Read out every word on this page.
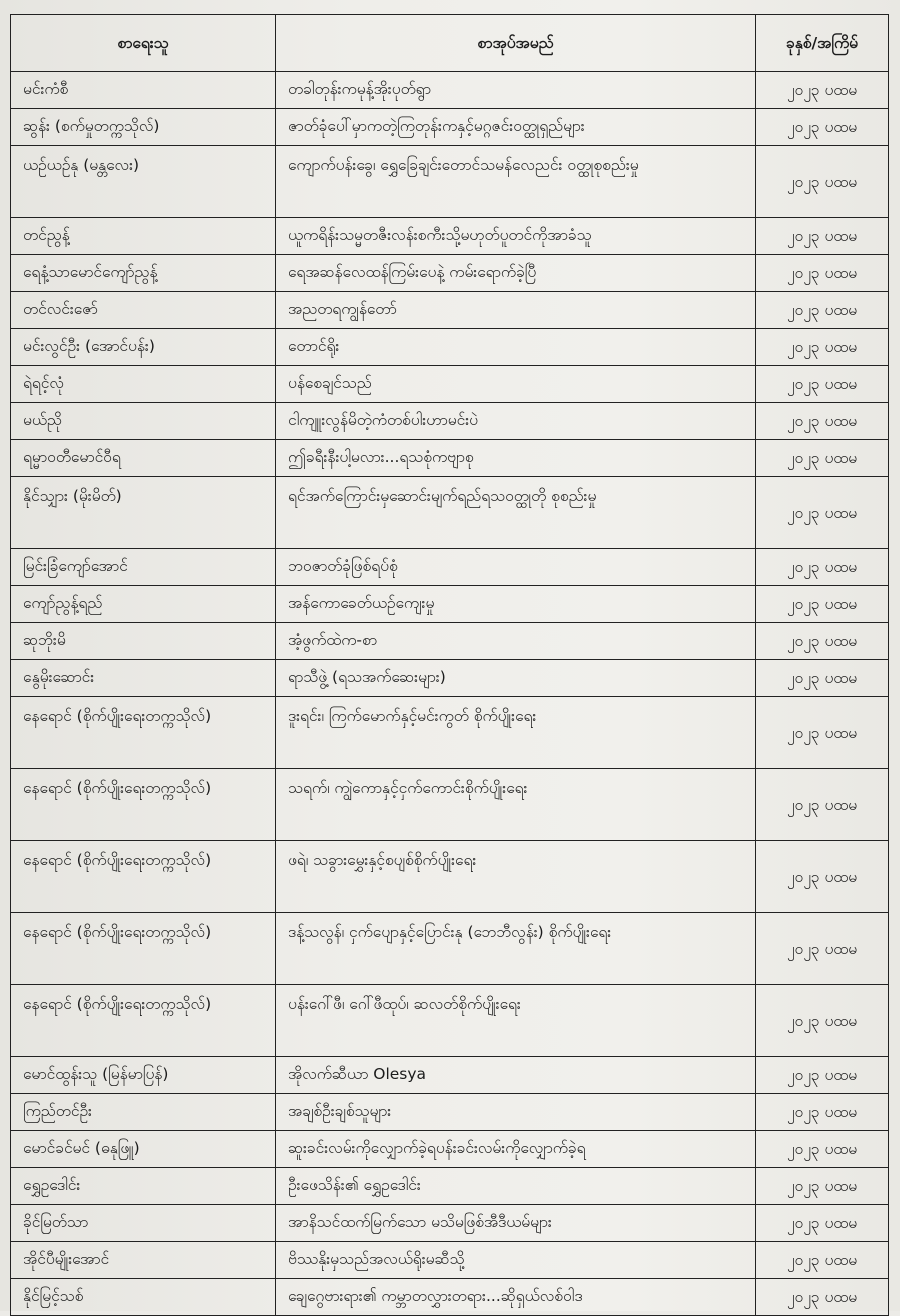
စာရေးသူ	စာအုပ်အမည်	ခုနှစ်/အကြိမ်
မင်းကံစီ	တခါတုန်းကမုန့်အိုးပုတ်ရွာ	၂၀၂၃ ပထမ
ဆွန်း (စက်မှုတက္ကသိုလ်)	ဇာတ်ခုံပေါ်မှာကတဲ့ကြတုန်းကနှင့်မဂ္ဂဇင်းဝတ္ထုရှည်များ	၂၀၂၃ ပထမ
ယဉ်ယဉ်နု (မန္တလေး)	ကျောက်ပန်းခွေ၊ ရွှေခြေချင်းတောင်သမန်လေညင်း ဝတ္ထုစုစည်းမှု	၂၀၂၃ ပထမ
တင်ညွန့်	ယူကရိန်းသမ္မတဇီးလန်းစကီးသို့မဟုတ်ပူတင်ကိုအာခံသူ	၂၀၂၃ ပထမ
ရေနံ့သာမောင်ကျော်ညွန့်	ရေအဆန်လေထန်ကြမ်းပေနဲ့ ကမ်းရောက်ခဲ့ပြီ	၂၀၂၃ ပထမ
တင်လင်းဇော်	အညတရကျွန်တော်	၂၀၂၃ ပထမ
မင်းလွင်ဦး (အောင်ပန်း)	တောင်ရိုး	၂၀၂၃ ပထမ
ရဲရင့်လုံ	ပန်စေချင်သည်	၂၀၂၃ ပထမ
မယ်ညို	ငါကျူးလွန်မိတဲ့ကံတစ်ပါးဟာမင်းပဲ	၂၀၂၃ ပထမ
ရမ္မာဝတီမောင်ဝီရ	ဤခရီးနီးပါ့မလား...ရသစုံကဗျာစု	၂၀၂၃ ပထမ
နိုင်သျှား (မိုးမိတ်)	ရင်အက်ကြောင်းမှဆောင်းမျက်ရည်ရသဝတ္ထုတို စုစည်းမှု	၂၀၂၃ ပထမ
မြင်းခြံကျော်အောင်	ဘဝဇာတ်ခုံဖြစ်ရပ်စုံ	၂၀၂၃ ပထမ
ကျော်ညွန့်ရည်	အန်ကောခေတ်ယဉ်ကျေးမှု	၂၀၂၃ ပထမ
ဆုဘိုးမိ	အံ့ဖွက်ထဲက-စာ	၂၀၂၃ ပထမ
နွေမိုးဆောင်း	ရာသီဖွဲ့ (ရသအက်ဆေးများ)	၂၀၂၃ ပထမ
နေရောင် (စိုက်ပျိုးရေးတက္ကသိုလ်)	ဒူးရင်း၊ ကြက်မောက်နှင့်မင်းကွတ် စိုက်ပျိုးရေး	၂၀၂၃ ပထမ
နေရောင် (စိုက်ပျိုးရေးတက္ကသိုလ်)	သရက်၊ ကျွဲကောနှင့်ငှက်ကောင်းစိုက်ပျိုးရေး	၂၀၂၃ ပထမ
နေရောင် (စိုက်ပျိုးရေးတက္ကသိုလ်)	ဖရဲ၊ သခွားမွှေးနှင့်စပျစ်စိုက်ပျိုးရေး	၂၀၂၃ ပထမ
နေရောင် (စိုက်ပျိုးရေးတက္ကသိုလ်)	ဒန့်သလွန်၊ ငှက်ပျောနှင့်ပြောင်းနု (ဘေဘီလွန်း) စိုက်ပျိုးရေး	၂၀၂၃ ပထမ
နေရောင် (စိုက်ပျိုးရေးတက္ကသိုလ်)	ပန်းဂေါ်ဖီ၊ ဂေါ်ဖီထုပ်၊ ဆလတ်စိုက်ပျိုးရေး	၂၀၂၃ ပထမ
မောင်ထွန်းသူ (မြန်မာပြန်)	အိုလက်ဆီယာ Olesya	၂၀၂၃ ပထမ
ကြည်တင်ဦး	အချစ်ဦးချစ်သူများ	၂၀၂၃ ပထမ
မောင်ခင်မင် (ဓနုဖြူ)	ဆူးခင်းလမ်းကိုလျှောက်ခဲ့ရပန်းခင်းလမ်းကိုလျှောက်ခဲ့ရ	၂၀၂၃ ပထမ
ရွှေဥဒေါင်း	ဦးဖေသိန်း၏ ရွှေဥဒေါင်း	၂၀၂၃ ပထမ
ခိုင်မြတ်သာ	အာနိသင်ထက်မြက်သော မသိမဖြစ်အီဒီယမ်များ	၂၀၂၃ ပထမ
အိုင်ပီမျိုးအောင်	ဗိဿနိုးမှသည်အလယ်ရိုးမဆီသို့	၂၀၂၃ ပထမ
နိုင်မြင့်သစ်	ချေဂွေဗားရား၏ ကမ္ဘာတလွှားတရား...ဆိုရှယ်လစ်ဝါဒ	၂၀၂၃ ပထမ
